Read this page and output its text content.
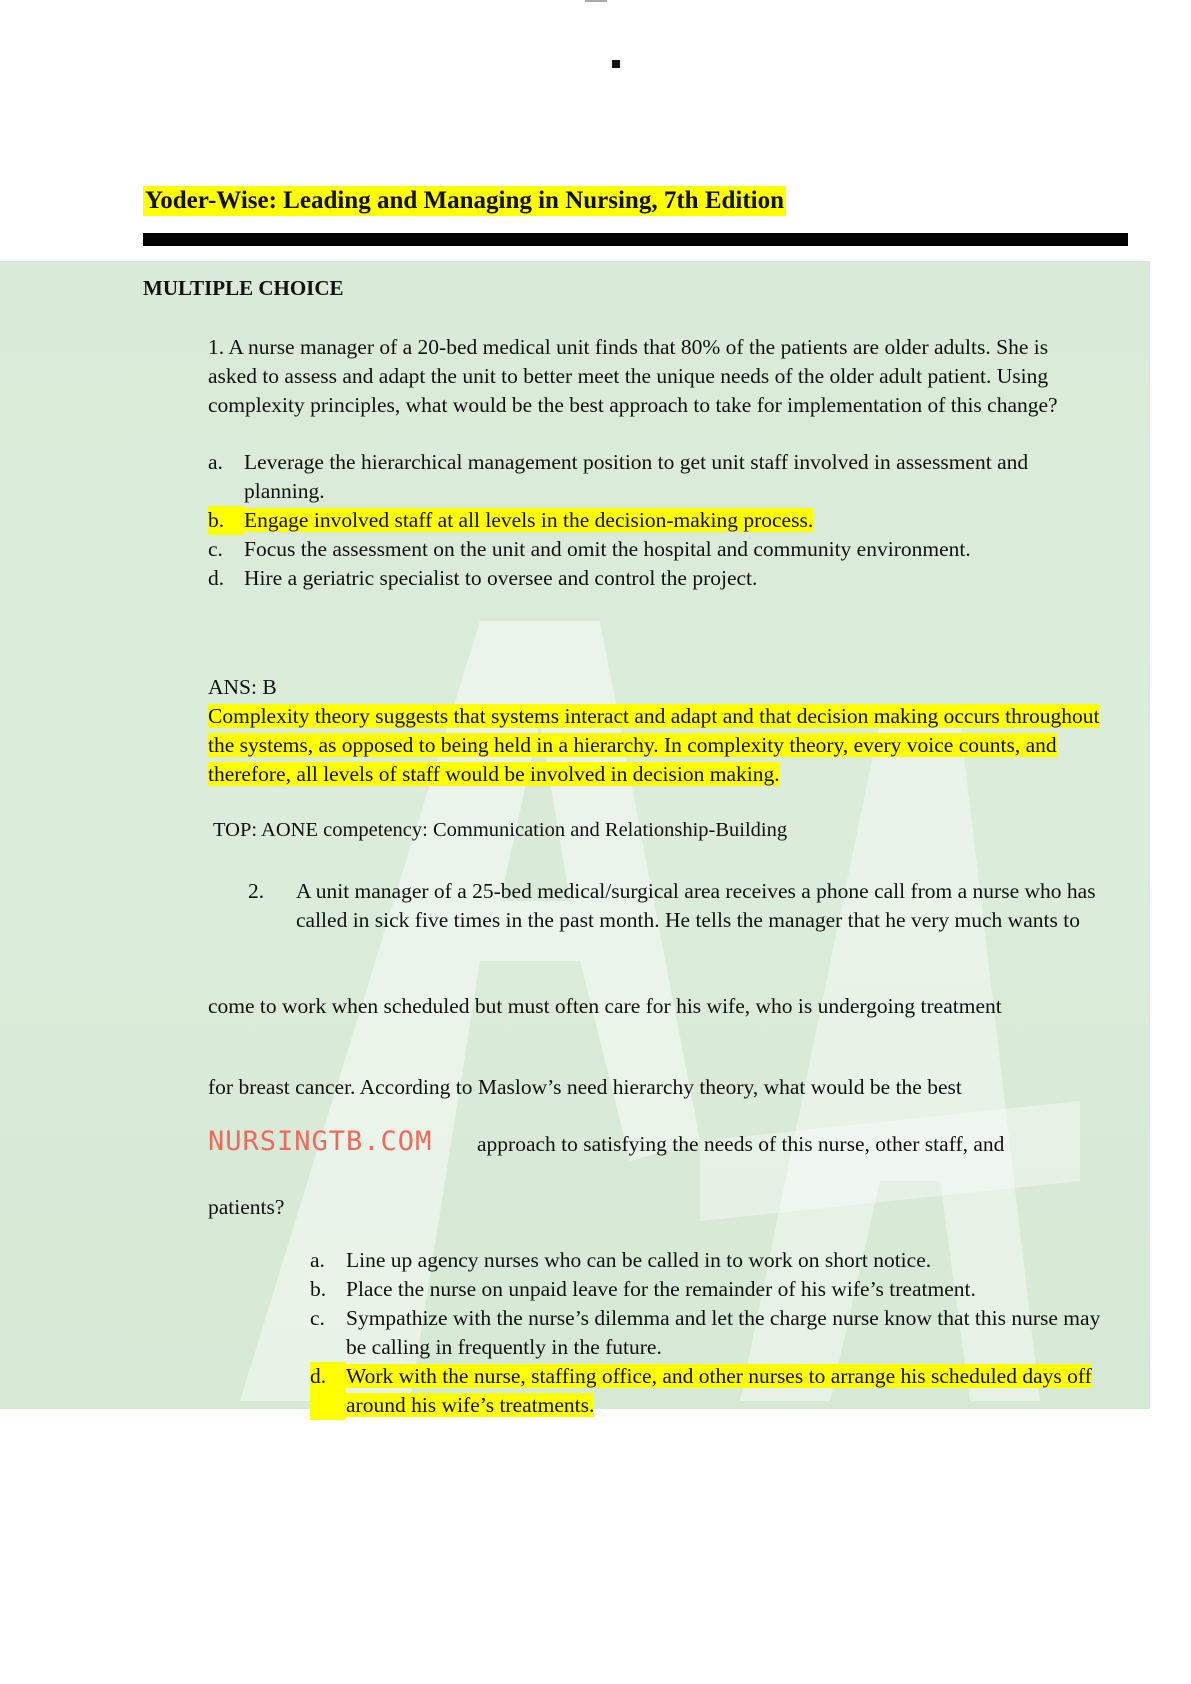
Yoder-Wise: Leading and Managing in Nursing, 7th Edition
MULTIPLE CHOICE
1. A nurse manager of a 20-bed medical unit finds that 80% of the patients are older adults. She is asked to assess and adapt the unit to better meet the unique needs of the older adult patient. Using complexity principles, what would be the best approach to take for implementation of this change?
a. Leverage the hierarchical management position to get unit staff involved in assessment and planning.
b. Engage involved staff at all levels in the decision-making process.
c. Focus the assessment on the unit and omit the hospital and community environment.
d. Hire a geriatric specialist to oversee and control the project.
ANS: B
Complexity theory suggests that systems interact and adapt and that decision making occurs throughout the systems, as opposed to being held in a hierarchy. In complexity theory, every voice counts, and therefore, all levels of staff would be involved in decision making.
TOP: AONE competency: Communication and Relationship-Building
2. A unit manager of a 25-bed medical/surgical area receives a phone call from a nurse who has called in sick five times in the past month. He tells the manager that he very much wants to
come to work when scheduled but must often care for his wife, who is undergoing treatment
for breast cancer. According to Maslow’s need hierarchy theory, what would be the best
NURSINGTB.COM approach to satisfying the needs of this nurse, other staff, and
patients?
a. Line up agency nurses who can be called in to work on short notice.
b. Place the nurse on unpaid leave for the remainder of his wife’s treatment.
c. Sympathize with the nurse’s dilemma and let the charge nurse know that this nurse may be calling in frequently in the future.
d. Work with the nurse, staffing office, and other nurses to arrange his scheduled days off around his wife’s treatments.
